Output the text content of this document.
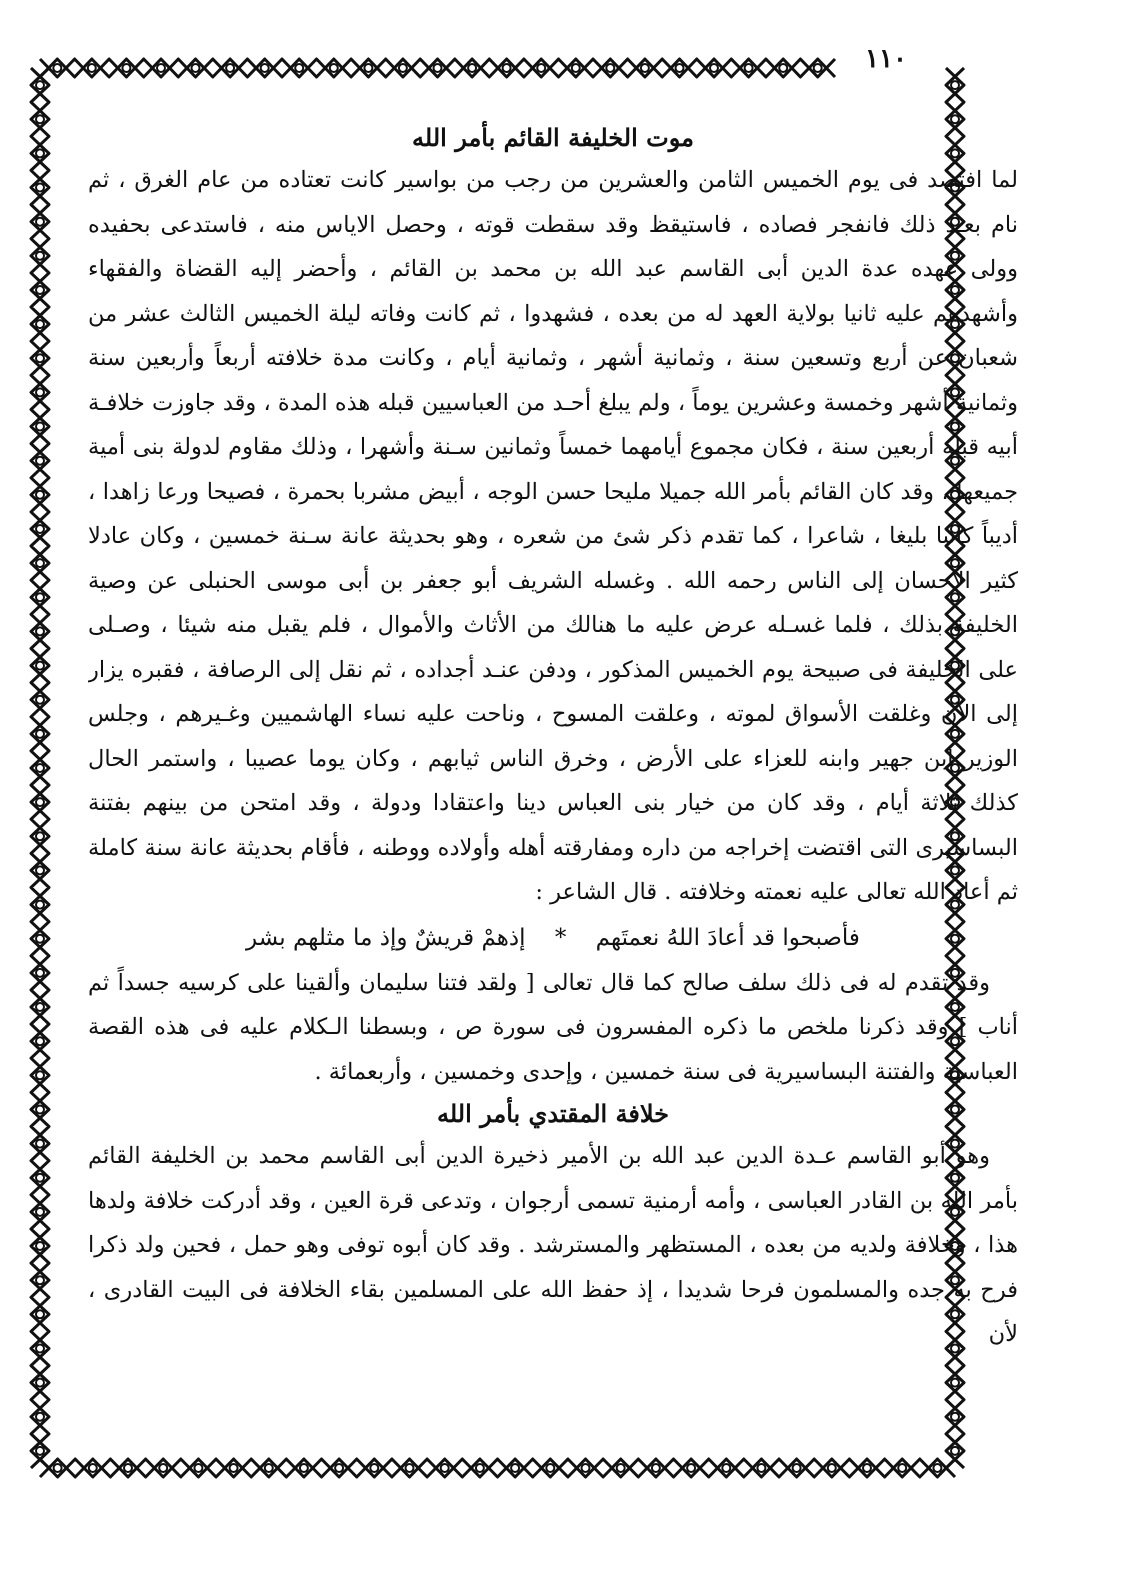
١١٠
موت الخليفة القائم بأمر الله

لما افتصد فى يوم الخميس الثامن والعشرين من رجب من بواسير كانت تعتاده من عام الغرق ، ثم نام بعـد ذلك فانفجر فصاده ، فاستيقظ وقد سقطت قوته ، وحصل الاياس منه ، فاستدعى بحفيده وولى عهده عدة الدين أبى القاسم عبد الله بن محمد بن القائم ، وأحضر إليه القضاة والفقهاء وأشهدهم عليه ثانيا بولاية العهد له من بعده ، فشهدوا ، ثم كانت وفاته ليلة الخميس الثالث عشر من شعبان عن أربع وتسعين سنة ، وثمانية أشهر ، وثمانية أيام ، وكانت مدة خلافته أربعاً وأربعين سنة وثمانية أشهر وخمسة وعشرين يوماً ، ولم يبلغ أحـد من العباسيين قبله هذه المدة ، وقد جاوزت خلافـة أبيه قبله أربعين سنة ، فكان مجموع أيامهما خمساً وثمانين سـنة وأشهرا ، وذلك مقاوم لدولة بنى أمية جميعها ، وقد كان القائم بأمر الله جميلا مليحا حسن الوجه ، أبيض مشربا بحمرة ، فصيحا ورعا زاهدا ، أديباً كاتبا بليغا ، شاعرا ، كما تقدم ذكر شئ من شعره ، وهو بحديثة عانة سـنة خمسين ، وكان عادلا كثير الاحسان إلى الناس رحمه الله . وغسله الشريف أبو جعفر بن أبى موسى الحنبلى عن وصية الخليفة بذلك ، فلما غسـله عرض عليه ما هنالك من الأثاث والأموال ، فلم يقبل منه شيئا ، وصـلى على الخليفة فى صبيحة يوم الخميس المذكور ، ودفن عنـد أجداده ، ثم نقل إلى الرصافة ، فقبره يزار إلى الآن وغلقت الأسواق لموته ، وعلقت المسوح ، وناحت عليه نساء الهاشميين وغـيرهم ، وجلس الوزير ابن جهير وابنه للعزاء على الأرض ، وخرق الناس ثيابهم ، وكان يوما عصيبا ، واستمر الحال كذلك ثلاثة أيام ، وقد كان من خيار بنى العباس دينا واعتقادا ودولة ، وقد امتحن من بينهم بفتنة البساسيرى التى اقتضت إخراجه من داره ومفارقته أهله وأولاده ووطنه ، فأقام بحديثة عانة سنة كاملة ثم أعاد الله تعالى عليه نعمته وخلافته . قال الشاعر :

فأصبحوا قد أعادَ اللهُ نعمتَهم * إذهمْ قريشٌ وإذ ما مثلهم بشر

وقد تقدم له فى ذلك سلف صالح كما قال تعالى [ ولقد فتنا سليمان وألقينا على كرسيه جسداً ثم أناب ] وقد ذكرنا ملخص ما ذكره المفسرون فى سورة ص ، وبسطنا الـكلام عليه فى هذه القصة العباسية والفتنة البساسيرية فى سنة خمسين ، وإحدى وخمسين ، وأربعمائة .

خلافة المقتدي بأمر الله

وهو أبو القاسم عـدة الدين عبد الله بن الأمير ذخيرة الدين أبى القاسم محمد بن الخليفة القائم بأمر الله بن القادر العباسى ، وأمه أرمنية تسمى أرجوان ، وتدعى قرة العين ، وقد أدركت خلافة ولدها هذا ، وخلافة ولديه من بعده ، المستظهر والمسترشد . وقد كان أبوه توفى وهو حمل ، فحين ولد ذكرا فرح به جده والمسلمون فرحا شديدا ، إذ حفظ الله على المسلمين بقاء الخلافة فى البيت القادرى ، لأن
